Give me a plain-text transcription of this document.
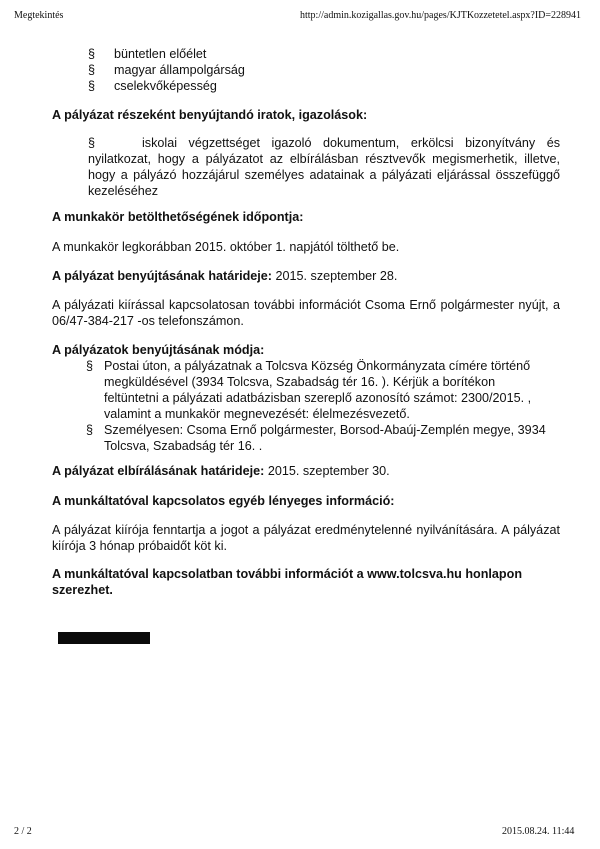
Megtekintés	http://admin.kozigallas.gov.hu/pages/KJTKozzetetel.aspx?ID=228941
§	büntetlen előélet
§	magyar állampolgárság
§	cselekvőképesség
A pályázat részeként benyújtandó iratok, igazolások:
§	iskolai végzettséget igazoló dokumentum, erkölcsi bizonyítvány és nyilatkozat, hogy a pályázatot az elbírálásban résztvevők megismerhetik, illetve, hogy a pályázó hozzájárul személyes adatainak a pályázati eljárással összefüggő kezeléséhez
A munkakör betölthetőségének időpontja:
A munkakör legkorábban 2015. október 1. napjától tölthető be.
A pályázat benyújtásának határideje: 2015. szeptember 28.
A pályázati kiírással kapcsolatosan további információt Csoma Ernő polgármester nyújt, a 06/47-384-217 -os telefonszámon.
A pályázatok benyújtásának módja:
§ Postai úton, a pályázatnak a Tolcsva Község Önkormányzata címére történő megküldésével (3934 Tolcsva, Szabadság tér 16. ). Kérjük a borítékon feltüntetni a pályázati adatbázisban szereplő azonosító számot: 2300/2015. , valamint a munkakör megnevezését: élelmezésvezető.
§ Személyesen: Csoma Ernő polgármester, Borsod-Abaúj-Zemplén megye, 3934 Tolcsva, Szabadság tér 16. .
A pályázat elbírálásának határideje: 2015. szeptember 30.
A munkáltatóval kapcsolatos egyéb lényeges információ:
A pályázat kiírója fenntartja a jogot a pályázat eredménytelenné nyilvánítására. A pályázat kiírója 3 hónap próbaidőt köt ki.
A munkáltatóval kapcsolatban további információt a www.tolcsva.hu honlapon szerezhet.
2 / 2	2015.08.24. 11:44
